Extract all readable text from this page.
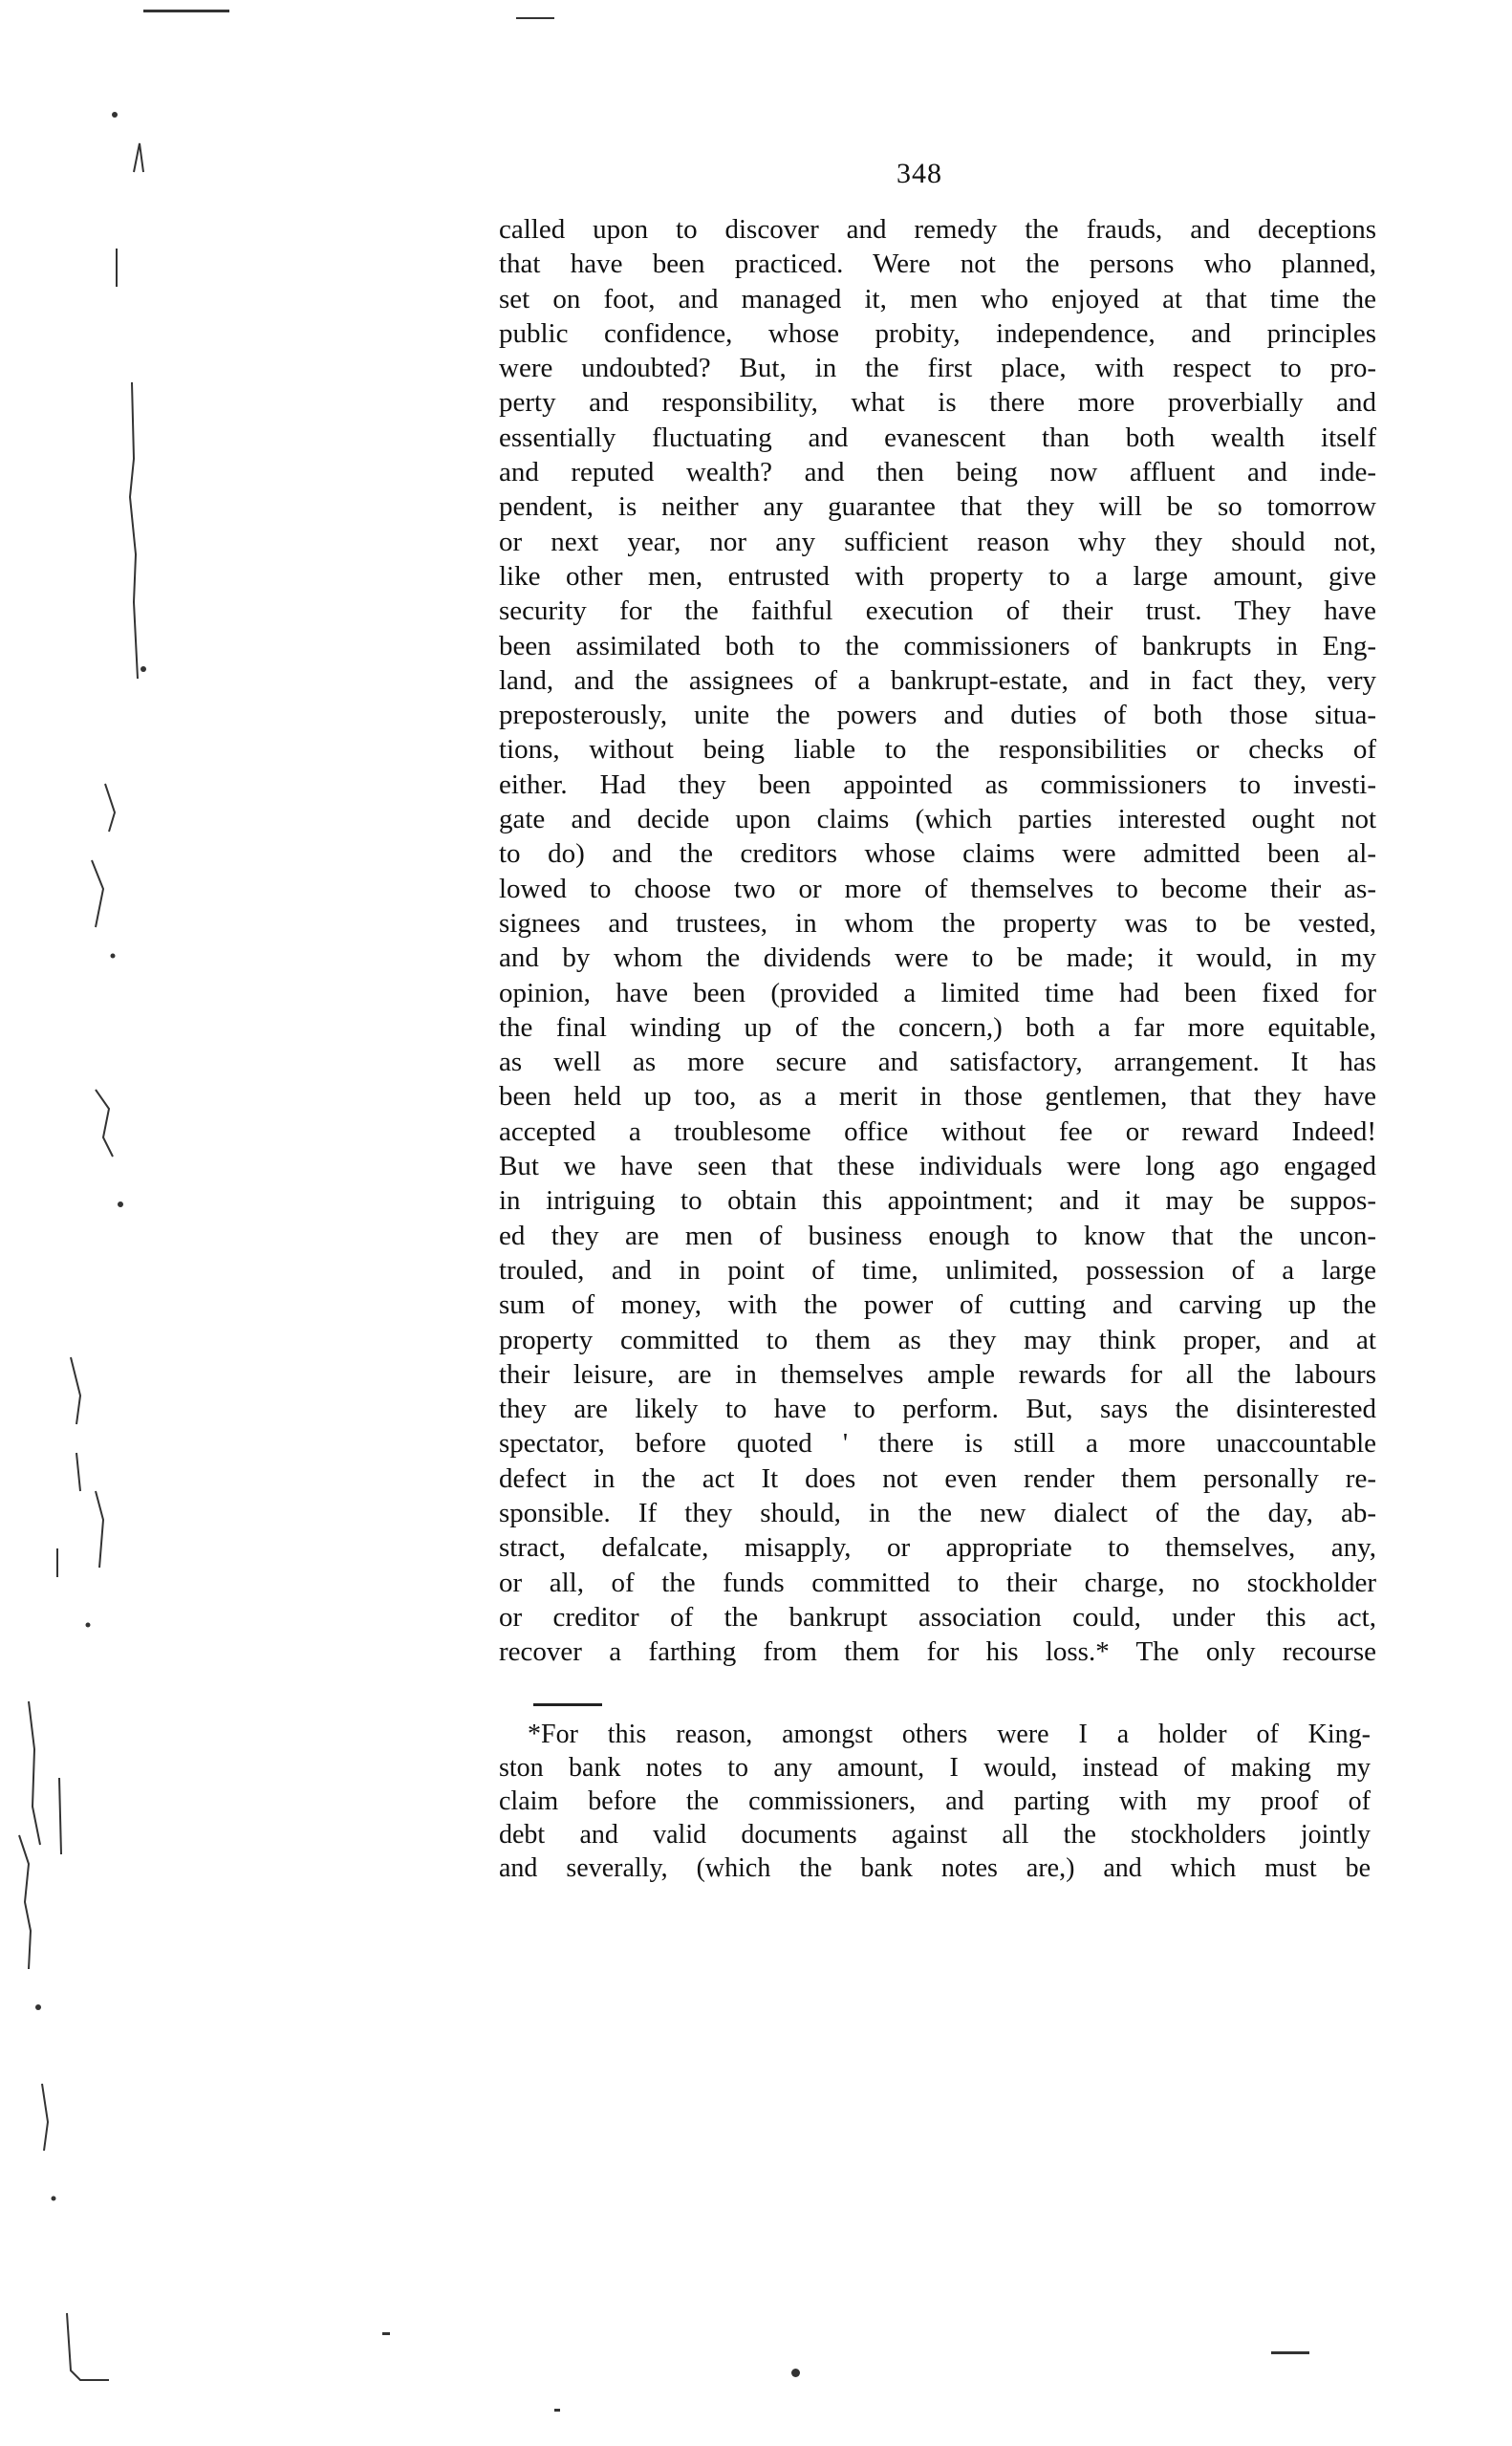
348
called upon to discover and remedy the frauds, and deceptions
that have been practiced. Were not the persons who planned,
set on foot, and managed it, men who enjoyed at that time the
public confidence, whose probity, independence, and principles
were undoubted? But, in the first place, with respect to pro-
perty and responsibility, what is there more proverbially and
essentially fluctuating and evanescent than both wealth itself
and reputed wealth? and then being now affluent and inde-
pendent, is neither any guarantee that they will be so tomorrow
or next year, nor any sufficient reason why they should not,
like other men, entrusted with property to a large amount, give
security for the faithful execution of their trust. They have
been assimilated both to the commissioners of bankrupts in Eng-
land, and the assignees of a bankrupt-estate, and in fact they, very
preposterously, unite the powers and duties of both those situa-
tions, without being liable to the responsibilities or checks of
either. Had they been appointed as commissioners to investi-
gate and decide upon claims (which parties interested ought not
to do) and the creditors whose claims were admitted been al-
lowed to choose two or more of themselves to become their as-
signees and trustees, in whom the property was to be vested,
and by whom the dividends were to be made; it would, in my
opinion, have been (provided a limited time had been fixed for
the final winding up of the concern,) both a far more equitable,
as well as more secure and satisfactory, arrangement. It has
been held up too, as a merit in those gentlemen, that they have
accepted a troublesome office without fee or reward Indeed!
But we have seen that these individuals were long ago engaged
in intriguing to obtain this appointment; and it may be suppos-
ed they are men of business enough to know that the uncon-
trouled, and in point of time, unlimited, possession of a large
sum of money, with the power of cutting and carving up the
property committed to them as they may think proper, and at
their leisure, are in themselves ample rewards for all the labours
they are likely to have to perform. But, says the disinterested
spectator, before quoted ' there is still a more unaccountable
defect in the act It does not even render them personally re-
sponsible. If they should, in the new dialect of the day, ab-
stract, defalcate, misapply, or appropriate to themselves, any,
or all, of the funds committed to their charge, no stockholder
or creditor of the bankrupt association could, under this act,
recover a farthing from them for his loss.* The only recourse
*For this reason, amongst others were I a holder of King-
ston bank notes to any amount, I would, instead of making my
claim before the commissioners, and parting with my proof of
debt and valid documents against all the stockholders jointly
and severally, (which the bank notes are,) and which must be
